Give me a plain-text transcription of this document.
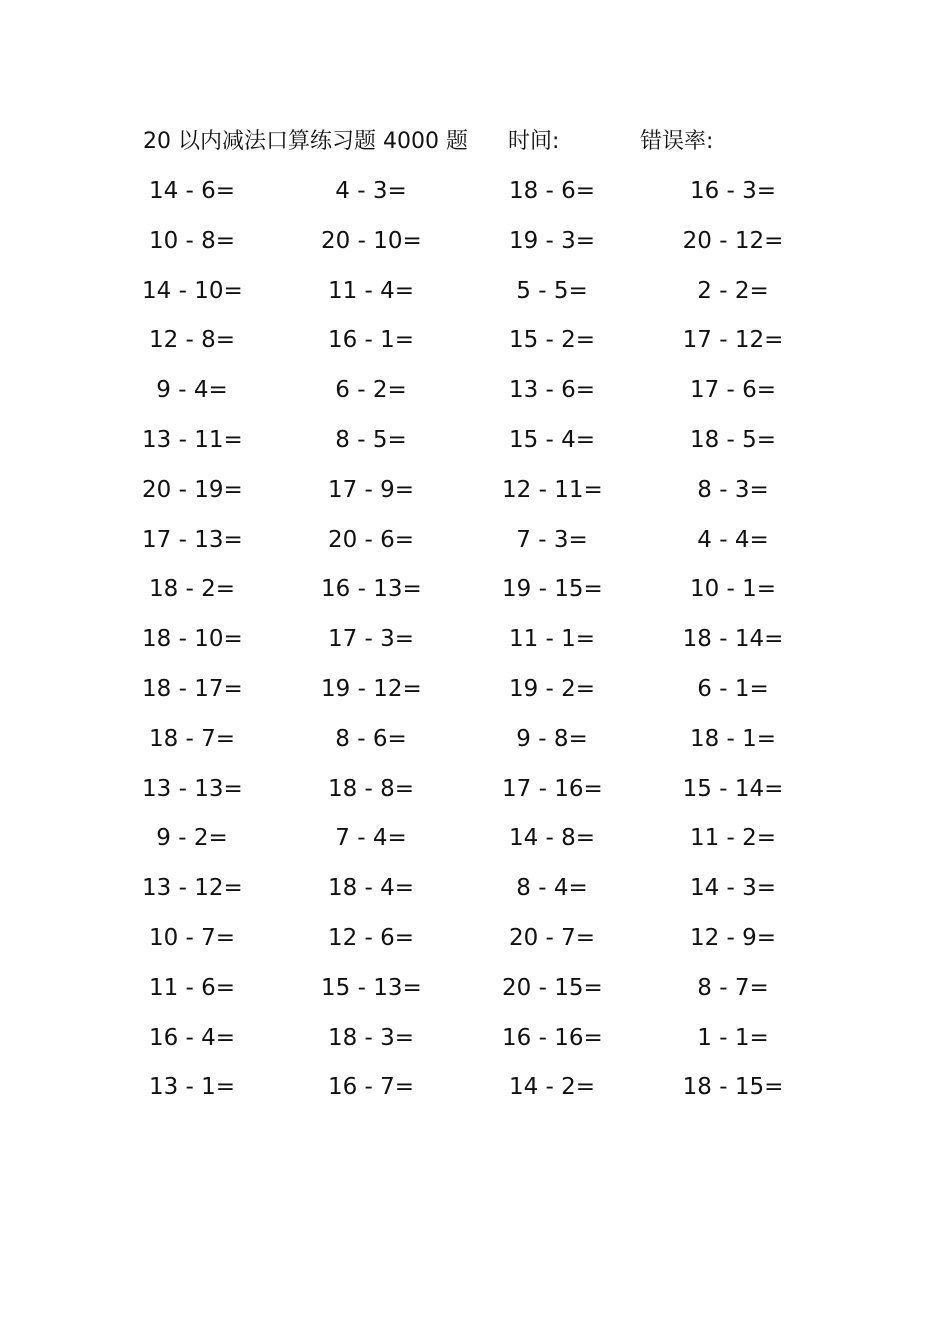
20 以内减法口算练习题 4000 题 时间:	错误率:
14 - 6=	4 - 3=	18 - 6=	16 - 3=
10 - 8=	20 - 10=	19 - 3=	20 - 12=
14 - 10=	11 - 4=	5 - 5=	2 - 2=
12 - 8=	16 - 1=	15 - 2=	17 - 12=
9 - 4=	6 - 2=	13 - 6=	17 - 6=
13 - 11=	8 - 5=	15 - 4=	18 - 5=
20 - 19=	17 - 9=	12 - 11=	8 - 3=
17 - 13=	20 - 6=	7 - 3=	4 - 4=
18 - 2=	16 - 13=	19 - 15=	10 - 1=
18 - 10=	17 - 3=	11 - 1=	18 - 14=
18 - 17=	19 - 12=	19 - 2=	6 - 1=
18 - 7=	8 - 6=	9 - 8=	18 - 1=
13 - 13=	18 - 8=	17 - 16=	15 - 14=
9 - 2=	7 - 4=	14 - 8=	11 - 2=
13 - 12=	18 - 4=	8 - 4=	14 - 3=
10 - 7=	12 - 6=	20 - 7=	12 - 9=
11 - 6=	15 - 13=	20 - 15=	8 - 7=
16 - 4=	18 - 3=	16 - 16=	1 - 1=
13 - 1=	16 - 7=	14 - 2=	18 - 15=
